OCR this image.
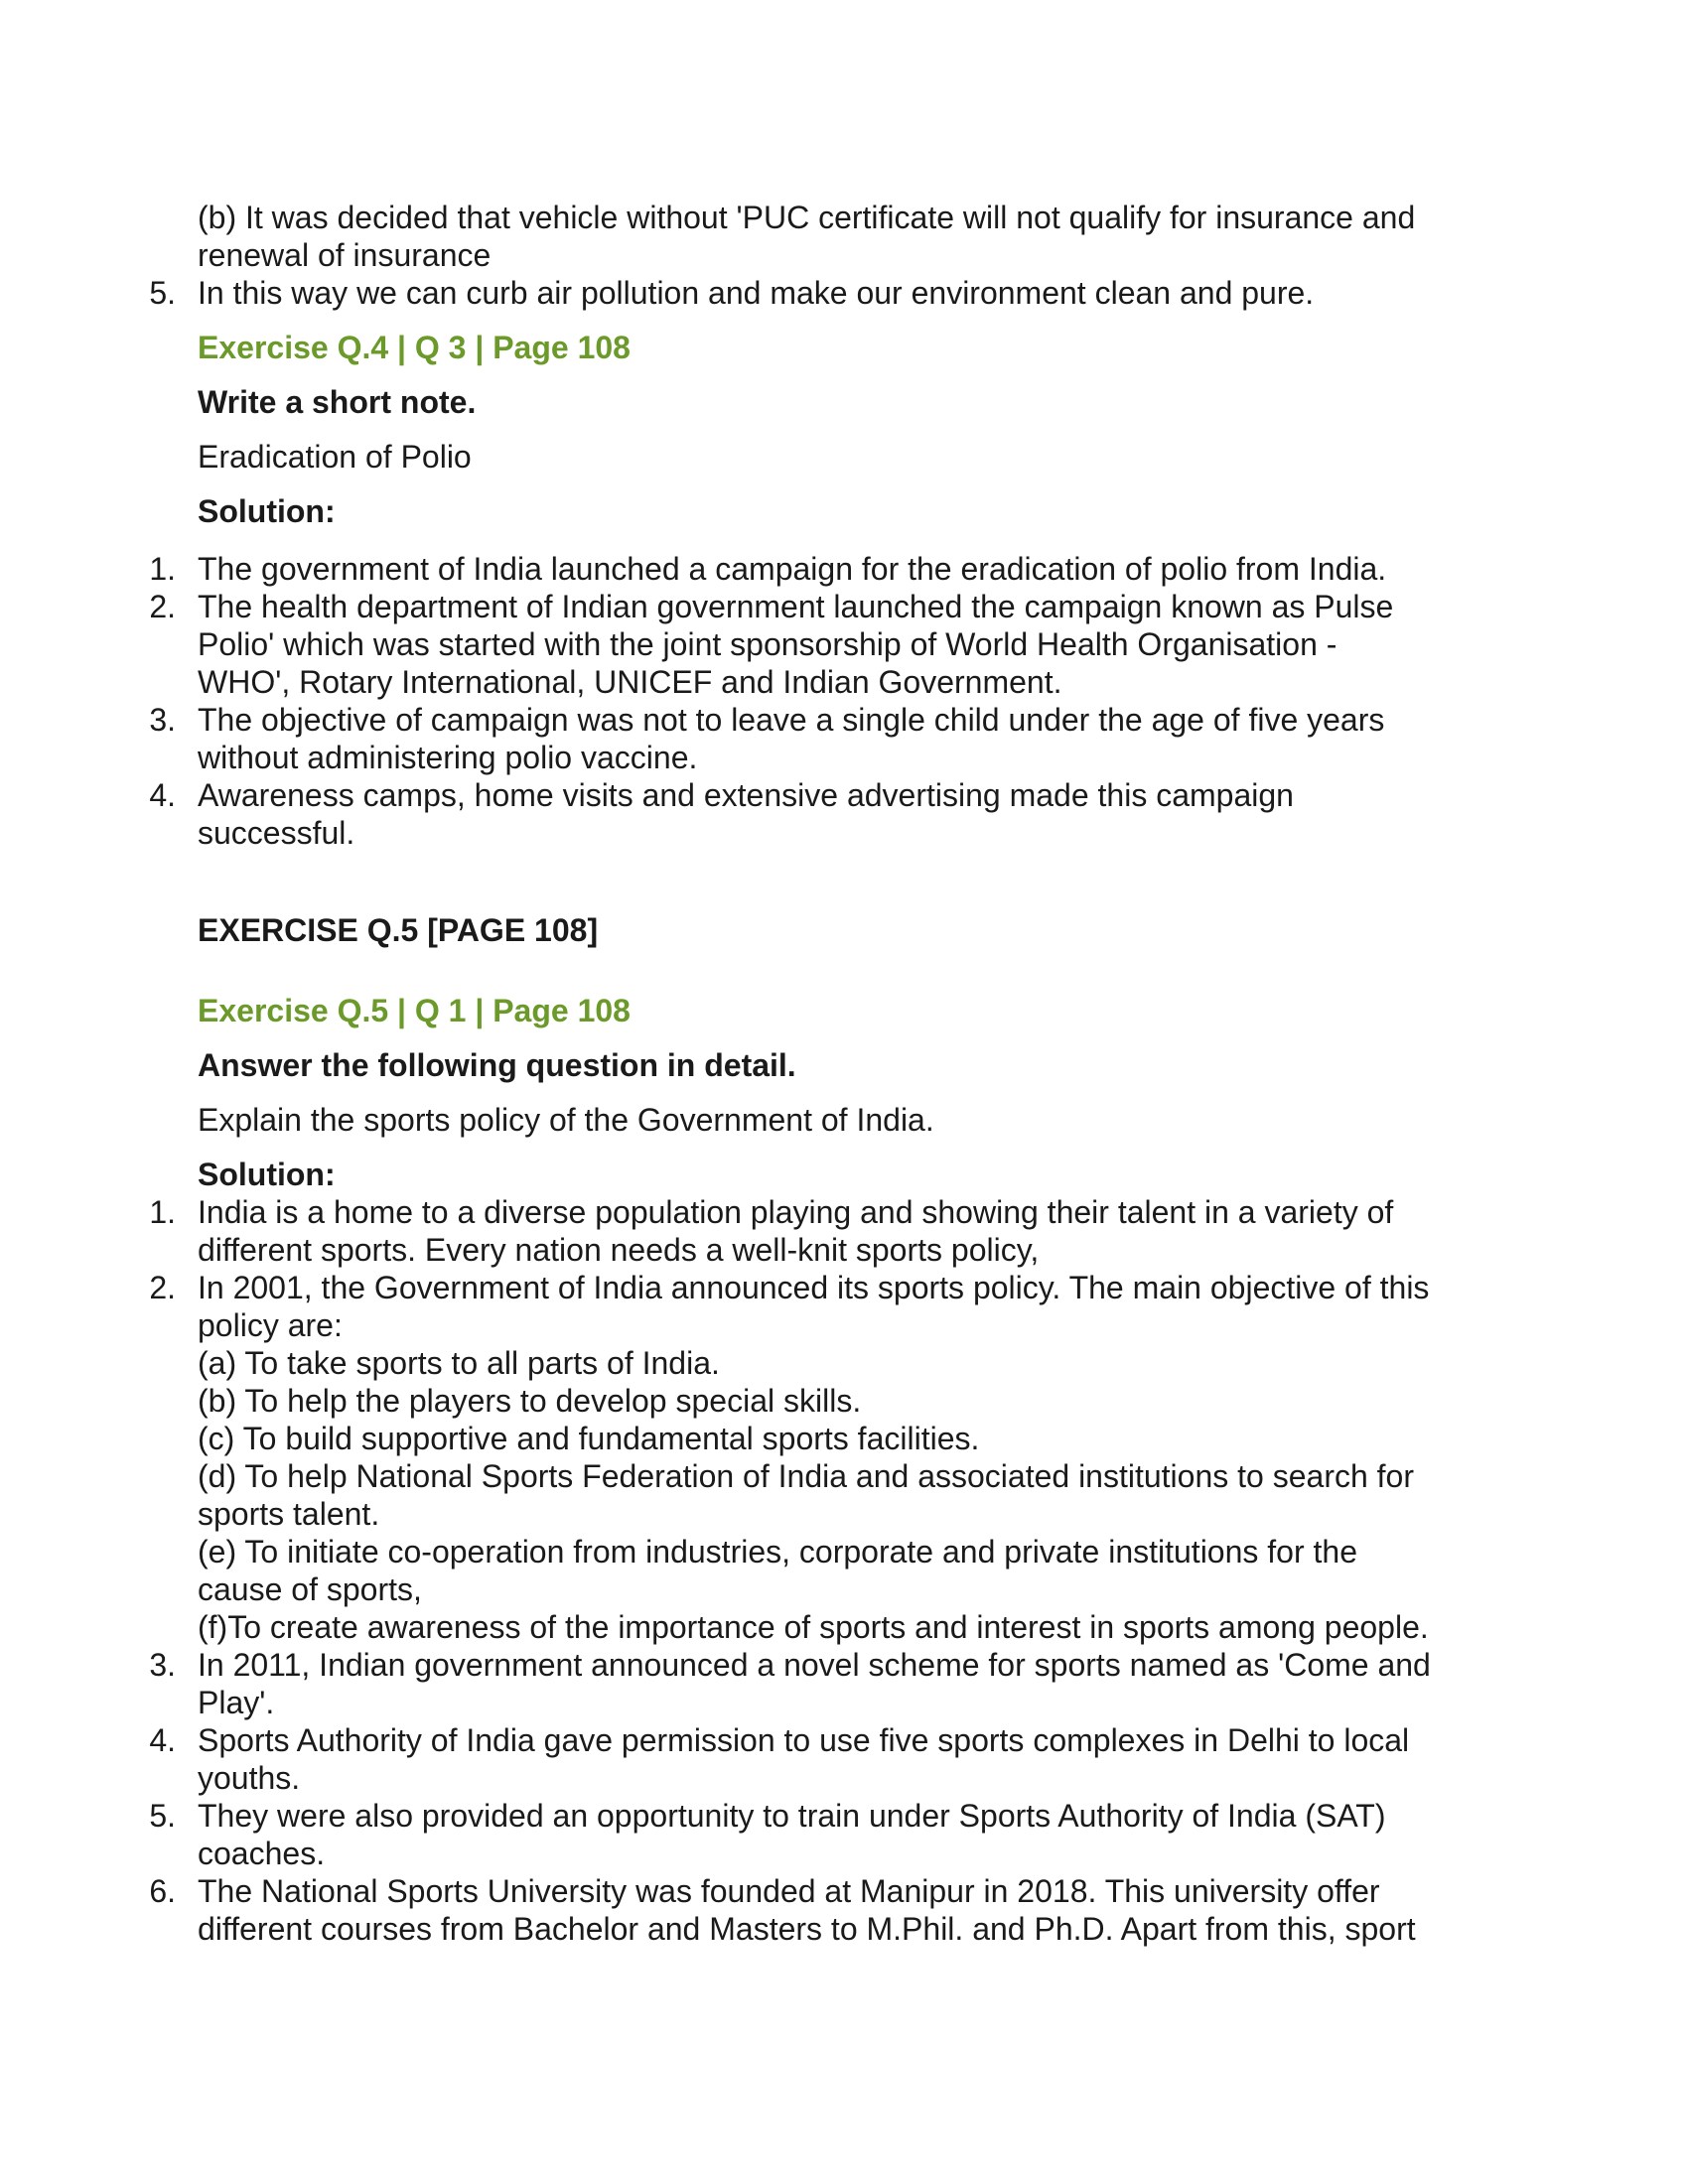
(b) It was decided that vehicle without 'PUC certificate will not qualify for insurance and
renewal of insurance
5. In this way we can curb air pollution and make our environment clean and pure.
Exercise Q.4 | Q 3 | Page 108
Write a short note.
Eradication of Polio
Solution:
1. The government of India launched a campaign for the eradication of polio from India.
2. The health department of Indian government launched the campaign known as Pulse
Polio' which was started with the joint sponsorship of World Health Organisation -
WHO', Rotary International, UNICEF and Indian Government.
3. The objective of campaign was not to leave a single child under the age of five years
without administering polio vaccine.
4. Awareness camps, home visits and extensive advertising made this campaign
successful.
EXERCISE Q.5 [PAGE 108]
Exercise Q.5 | Q 1 | Page 108
Answer the following question in detail.
Explain the sports policy of the Government of India.
Solution:
1. India is a home to a diverse population playing and showing their talent in a variety of
different sports. Every nation needs a well-knit sports policy,
2. In 2001, the Government of India announced its sports policy. The main objective of this
policy are:
(a) To take sports to all parts of India.
(b) To help the players to develop special skills.
(c) To build supportive and fundamental sports facilities.
(d) To help National Sports Federation of India and associated institutions to search for
sports talent.
(e) To initiate co-operation from industries, corporate and private institutions for the
cause of sports,
(f)To create awareness of the importance of sports and interest in sports among people.
3. In 2011, Indian government announced a novel scheme for sports named as 'Come and
Play'.
4. Sports Authority of India gave permission to use five sports complexes in Delhi to local
youths.
5. They were also provided an opportunity to train under Sports Authority of India (SAT)
coaches.
6. The National Sports University was founded at Manipur in 2018. This university offer
different courses from Bachelor and Masters to M.Phil. and Ph.D. Apart from this, sport
